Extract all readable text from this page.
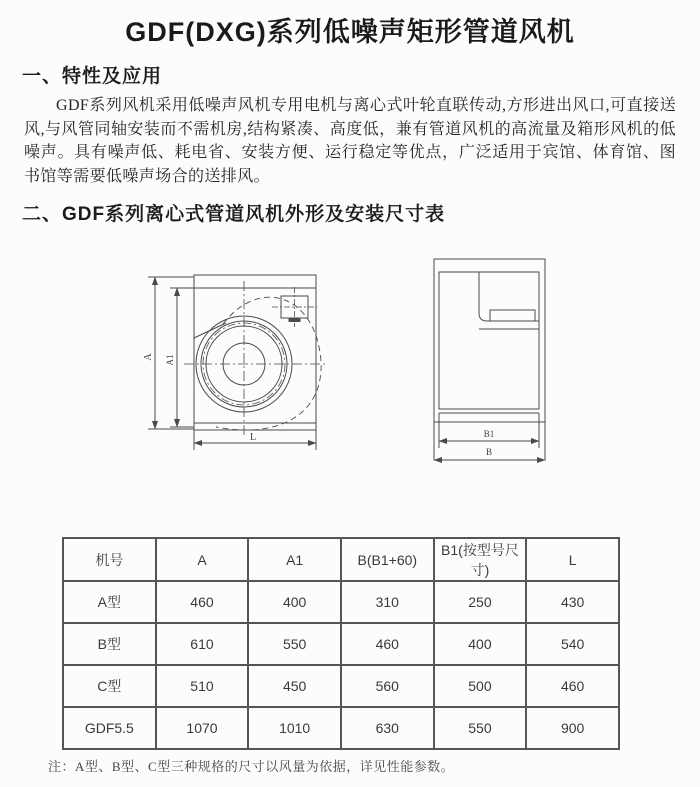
GDF(DXG)系列低噪声矩形管道风机
一、特性及应用

GDF系列风机采用低噪声风机专用电机与离心式叶轮直联传动,方形进出风口,可直接送风,与风管同轴安装而不需机房,结构紧凑、高度低，兼有管道风机的高流量及箱形风机的低噪声。具有噪声低、耗电省、安装方便、运行稳定等优点，广泛适用于宾馆、体育馆、图书馆等需要低噪声场合的送排风。

二、GDF系列离心式管道风机外形及安装尺寸表
A A1
L	B1
B
机号	A	A1	B(B1+60)	B1(按型号尺寸)	L
A型	460	400	310	250	430
B型	610	550	460	400	540
C型	510	450	560	500	460
GDF5.5	1070	1010	630	550	900
注：A型、B型、C型三种规格的尺寸以风量为依据，详见性能参数。
